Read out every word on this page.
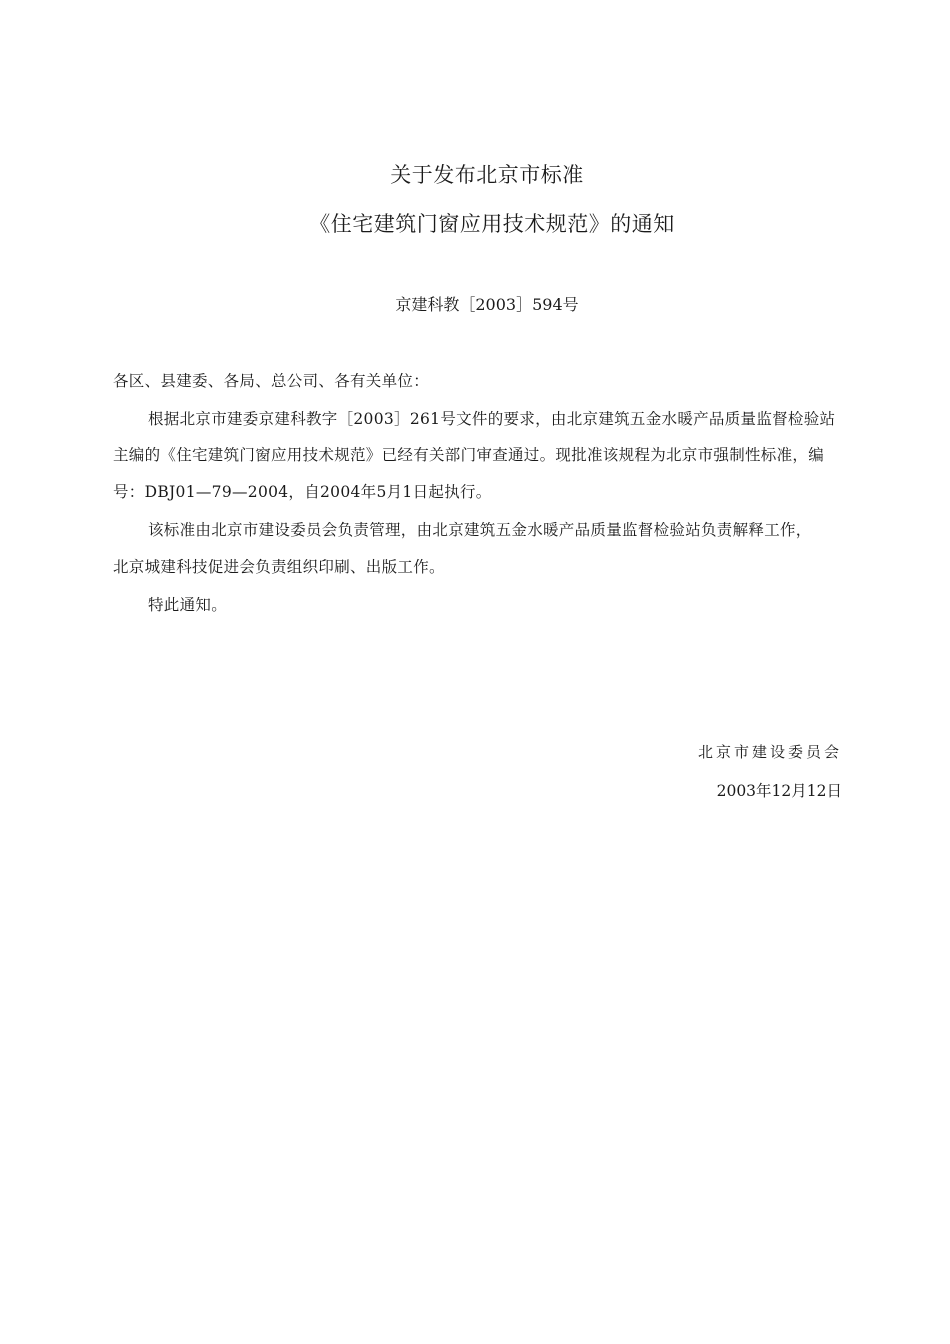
关于发布北京市标准
《住宅建筑门窗应用技术规范》的通知
京建科教［2003］594号
各区、县建委、各局、总公司、各有关单位：
根据北京市建委京建科教字［2003］261号文件的要求，由北京建筑五金水暖产品质量监督检验站
主编的《住宅建筑门窗应用技术规范》已经有关部门审查通过。现批准该规程为北京市强制性标准，编
号：DBJ01—79—2004，自2004年5月1日起执行。
该标准由北京市建设委员会负责管理，由北京建筑五金水暖产品质量监督检验站负责解释工作，
北京城建科技促进会负责组织印刷、出版工作。
特此通知。
北京市建设委员会
2003年12月12日
